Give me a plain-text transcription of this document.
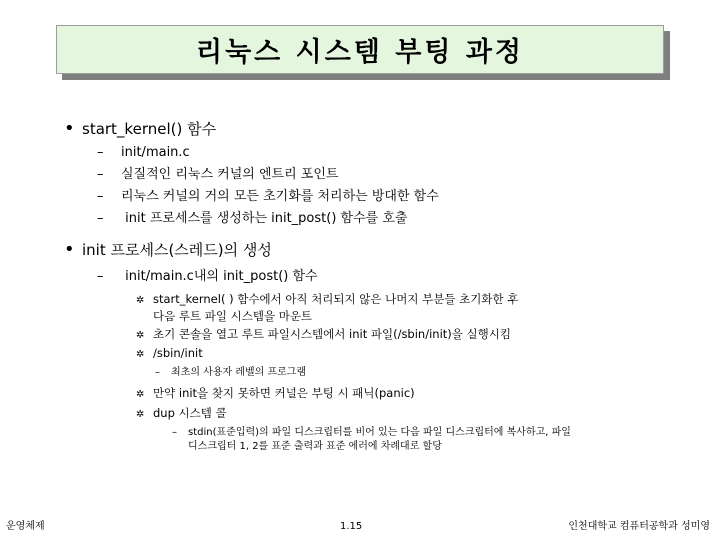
리눅스 시스템 부팅 과정
• start_kernel() 함수
– init/main.c
– 실질적인 리눅스 커널의 엔트리 포인트
– 리눅스 커널의 거의 모든 초기화를 처리하는 방대한 함수
– init 프로세스를 생성하는 init_post() 함수를 호출
• init 프로세스(스레드)의 생성
– init/main.c내의 init_post() 함수
✲ start_kernel( ) 함수에서 아직 처리되지 않은 나머지 부분들 초기화한 후
다음 루트 파일 시스템을 마운트
✲ 초기 콘솔을 열고 루트 파일시스템에서 init 파일(/sbin/init)을 실행시킴
✲ /sbin/init
– 최초의 사용자 레벨의 프로그램
✲ 만약 init을 찾지 못하면 커널은 부팅 시 패닉(panic)
✲ dup 시스템 콜
– stdin(표준입력)의 파일 디스크립터를 비어 있는 다음 파일 디스크립터에 복사하고, 파일
디스크립터 1, 2를 표준 출력과 표준 에러에 차례대로 할당
운영체제	1.15	인천대학교 컴퓨터공학과 성미영
